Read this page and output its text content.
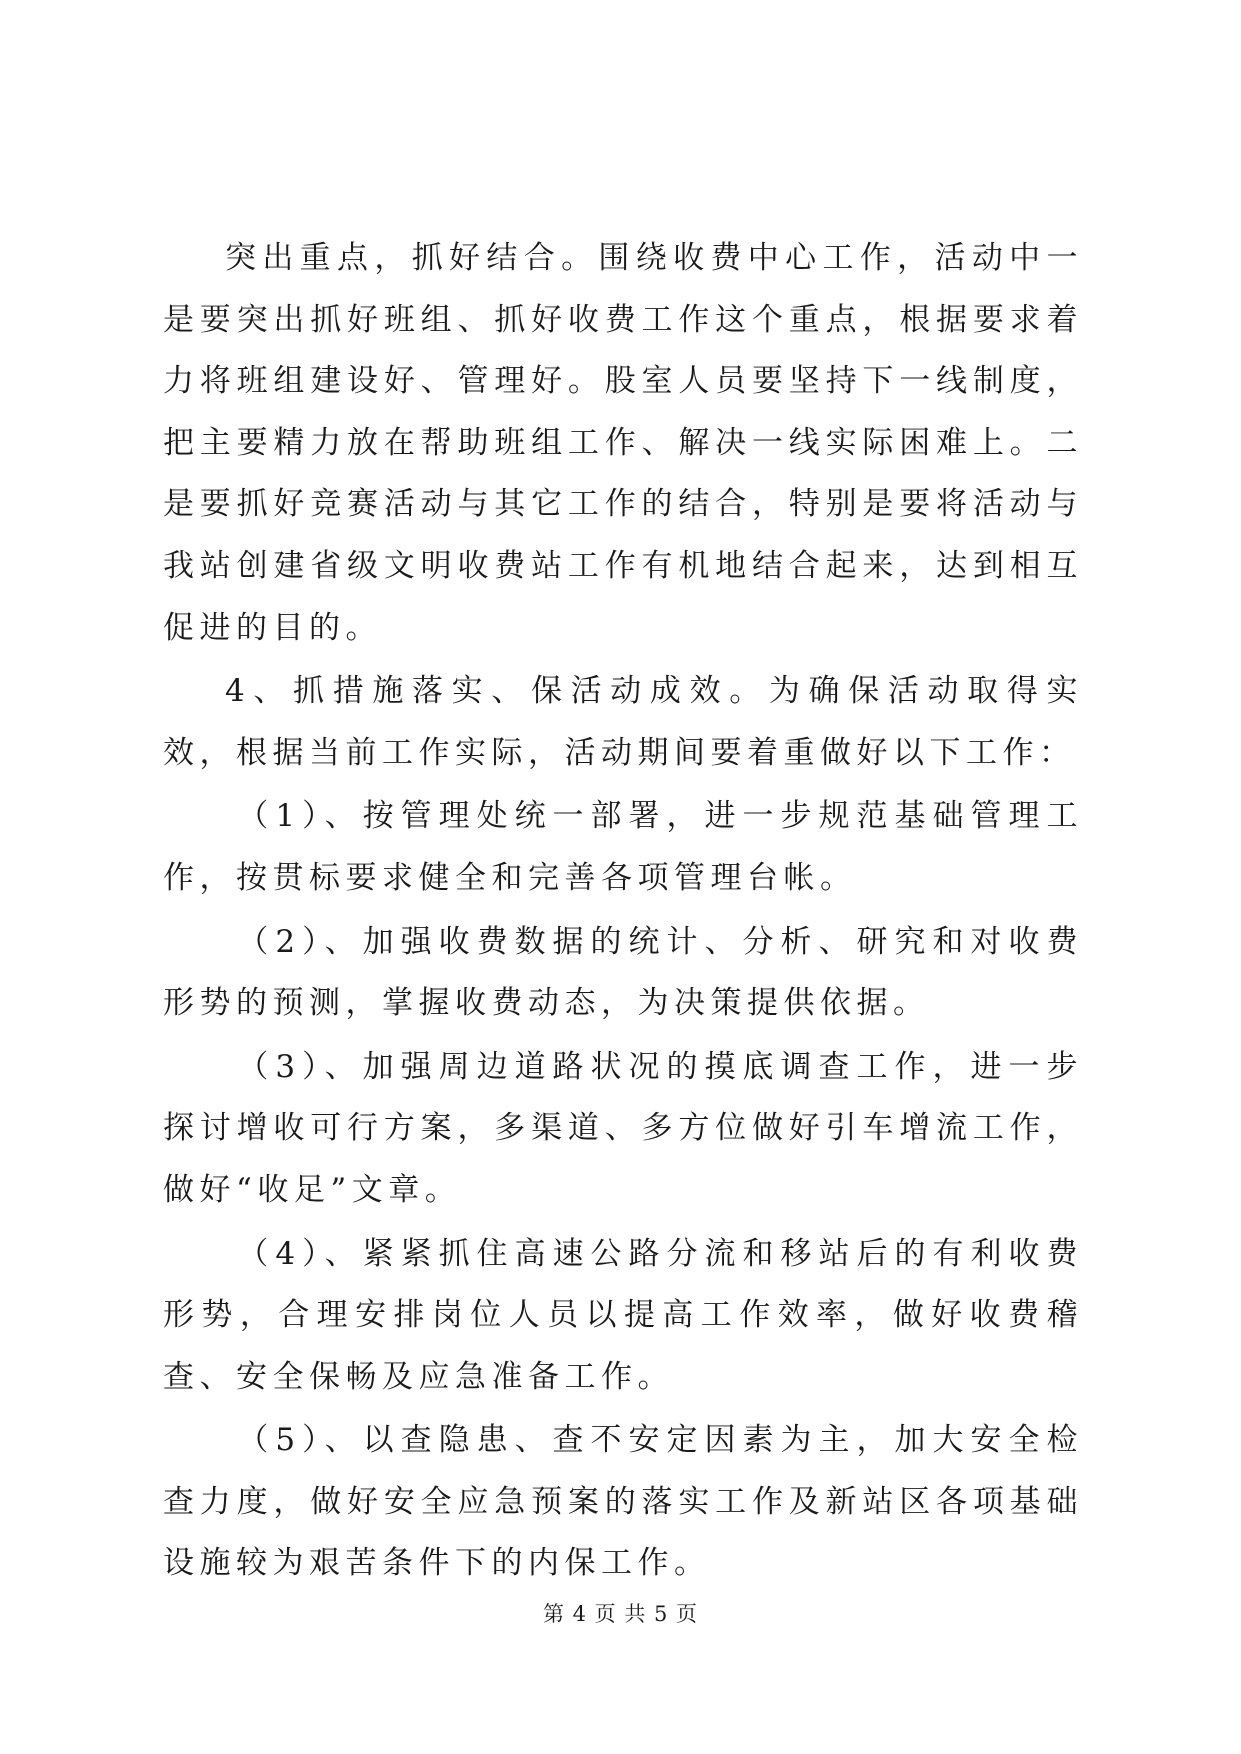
突出重点，抓好结合。围绕收费中心工作，活动中一是要突出抓好班组、抓好收费工作这个重点，根据要求着力将班组建设好、管理好。股室人员要坚持下一线制度，把主要精力放在帮助班组工作、解决一线实际困难上。二是要抓好竞赛活动与其它工作的结合，特别是要将活动与我站创建省级文明收费站工作有机地结合起来，达到相互促进的目的。

4、抓措施落实、保活动成效。为确保活动取得实效，根据当前工作实际，活动期间要着重做好以下工作：

（1）、按管理处统一部署，进一步规范基础管理工作，按贯标要求健全和完善各项管理台帐。

（2）、加强收费数据的统计、分析、研究和对收费形势的预测，掌握收费动态，为决策提供依据。

（3）、加强周边道路状况的摸底调查工作，进一步探讨增收可行方案，多渠道、多方位做好引车增流工作，做好“收足”文章。

（4）、紧紧抓住高速公路分流和移站后的有利收费形势，合理安排岗位人员以提高工作效率，做好收费稽查、安全保畅及应急准备工作。

（5）、以查隐患、查不安定因素为主，加大安全检查力度，做好安全应急预案的落实工作及新站区各项基础设施较为艰苦条件下的内保工作。

第 4 页 共 5 页
